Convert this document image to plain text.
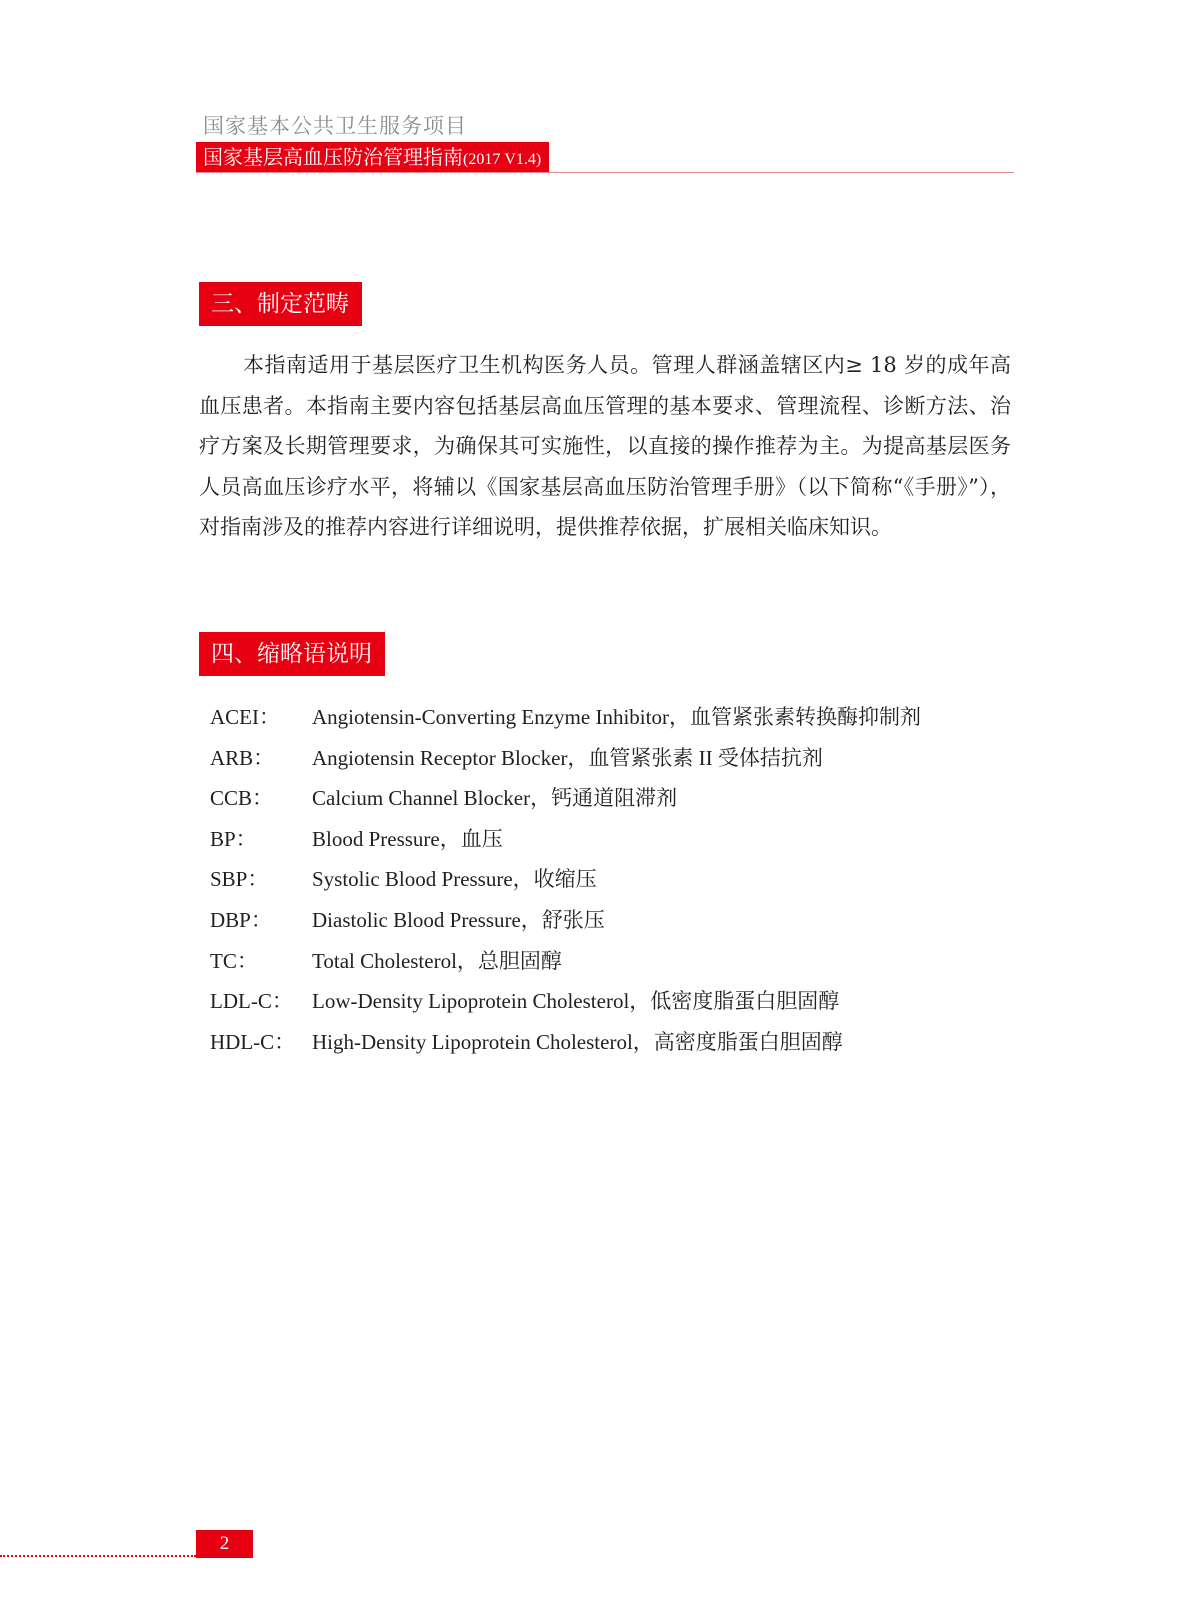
国家基本公共卫生服务项目
国家基层高血压防治管理指南(2017 V1.4)
三、制定范畴

本指南适用于基层医疗卫生机构医务人员。管理人群涵盖辖区内≥ 18 岁的成年高血压患者。本指南主要内容包括基层高血压管理的基本要求、管理流程、诊断方法、治疗方案及长期管理要求，为确保其可实施性，以直接的操作推荐为主。为提高基层医务人员高血压诊疗水平，将辅以《国家基层高血压防治管理手册》（以下简称“《手册》”），对指南涉及的推荐内容进行详细说明，提供推荐依据，扩展相关临床知识。

四、缩略语说明
ACEI： Angiotensin-Converting Enzyme Inhibitor，血管紧张素转换酶抑制剂
ARB： Angiotensin Receptor Blocker，血管紧张素 II 受体拮抗剂
CCB： Calcium Channel Blocker，钙通道阻滞剂
BP：	Blood Pressure，血压
SBP： Systolic Blood Pressure，收缩压
DBP： Diastolic Blood Pressure，舒张压
TC：	Total Cholesterol，总胆固醇
LDL-C： Low-Density Lipoprotein Cholesterol，低密度脂蛋白胆固醇
HDL-C： High-Density Lipoprotein Cholesterol，高密度脂蛋白胆固醇
2
